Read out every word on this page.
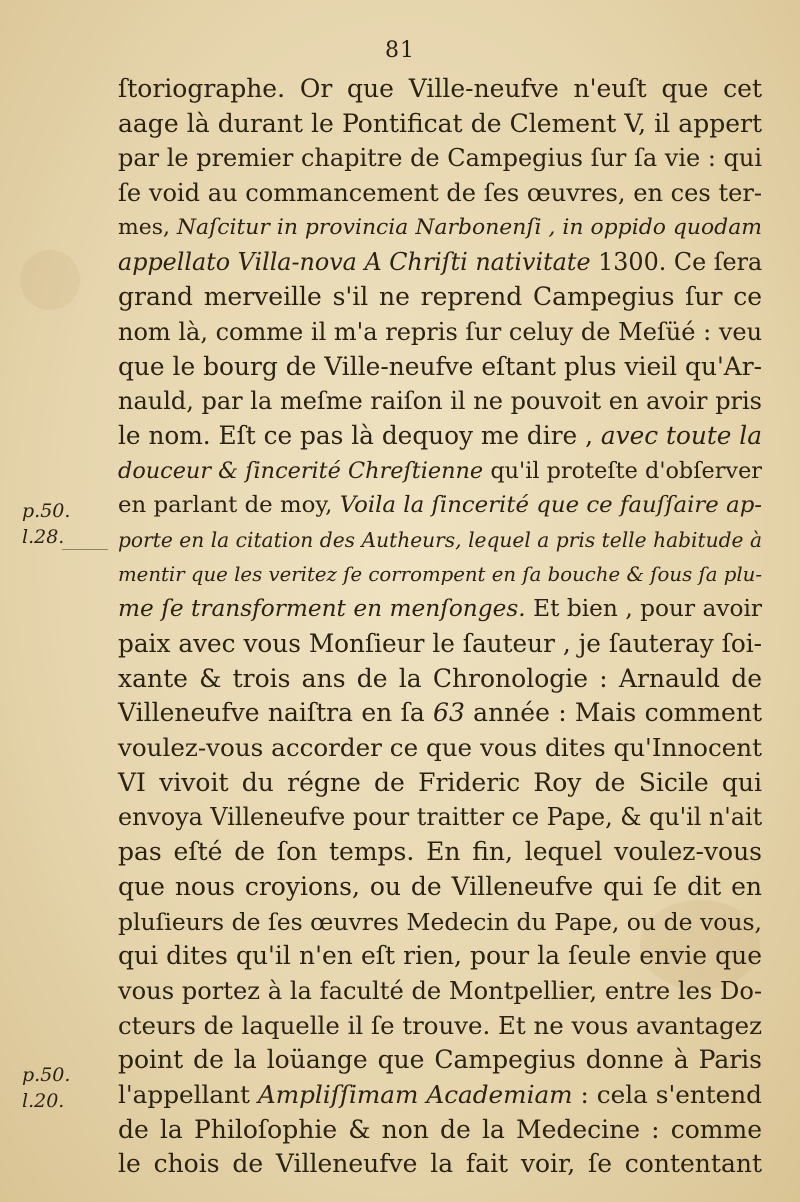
81
ſtoriographe. Or que Ville-neufve n'euſt que cet
aage là durant le Pontificat de Clement V, il appert
par le premier chapitre de Campegius ſur ſa vie : qui
ſe void au commancement de ſes œuvres, en ces ter-
mes, Naſcitur in provincia Narbonenſi , in oppido quodam
appellato Villa-nova A Chriſti nativitate 1300. Ce ſera
grand merveille s'il ne reprend Campegius ſur ce
nom là, comme il m'a repris ſur celuy de Meſüé : veu
que le bourg de Ville-neufve eſtant plus vieil qu'Ar-
nauld, par la meſme raiſon il ne pouvoit en avoir pris
le nom. Eſt ce pas là dequoy me dire , avec toute la
douceur & ſincerité Chreſtienne qu'il proteſte d'obſerver
en parlant de moy, Voila la ſincerité que ce fauſſaire ap-
porte en la citation des Autheurs, lequel a pris telle habitude à
mentir que les veritez ſe corrompent en ſa bouche & ſous ſa plu-
me ſe transforment en menſonges. Et bien , pour avoir
paix avec vous Monſieur le ſauteur , je ſauteray ſoi-
xante & trois ans de la Chronologie : Arnauld de
Villeneufve naiſtra en ſa 63 année : Mais comment
voulez-vous accorder ce que vous dites qu'Innocent
VI vivoit du régne de Frideric Roy de Sicile qui
envoya Villeneufve pour traitter ce Pape, & qu'il n'ait
pas eſté de ſon temps. En fin, lequel voulez-vous
que nous croyions, ou de Villeneufve qui ſe dit en
pluſieurs de ſes œuvres Medecin du Pape, ou de vous,
qui dites qu'il n'en eſt rien, pour la ſeule envie que
vous portez à la faculté de Montpellier, entre les Do-
cteurs de laquelle il ſe trouve. Et ne vous avantagez
point de la loüange que Campegius donne à Paris
l'appellant Ampliſſimam Academiam : cela s'entend
de la Philoſophie & non de la Medecine : comme
le chois de Villeneufve la fait voir, ſe contentant
p.50.
l.28.
p.50.
l.20.
